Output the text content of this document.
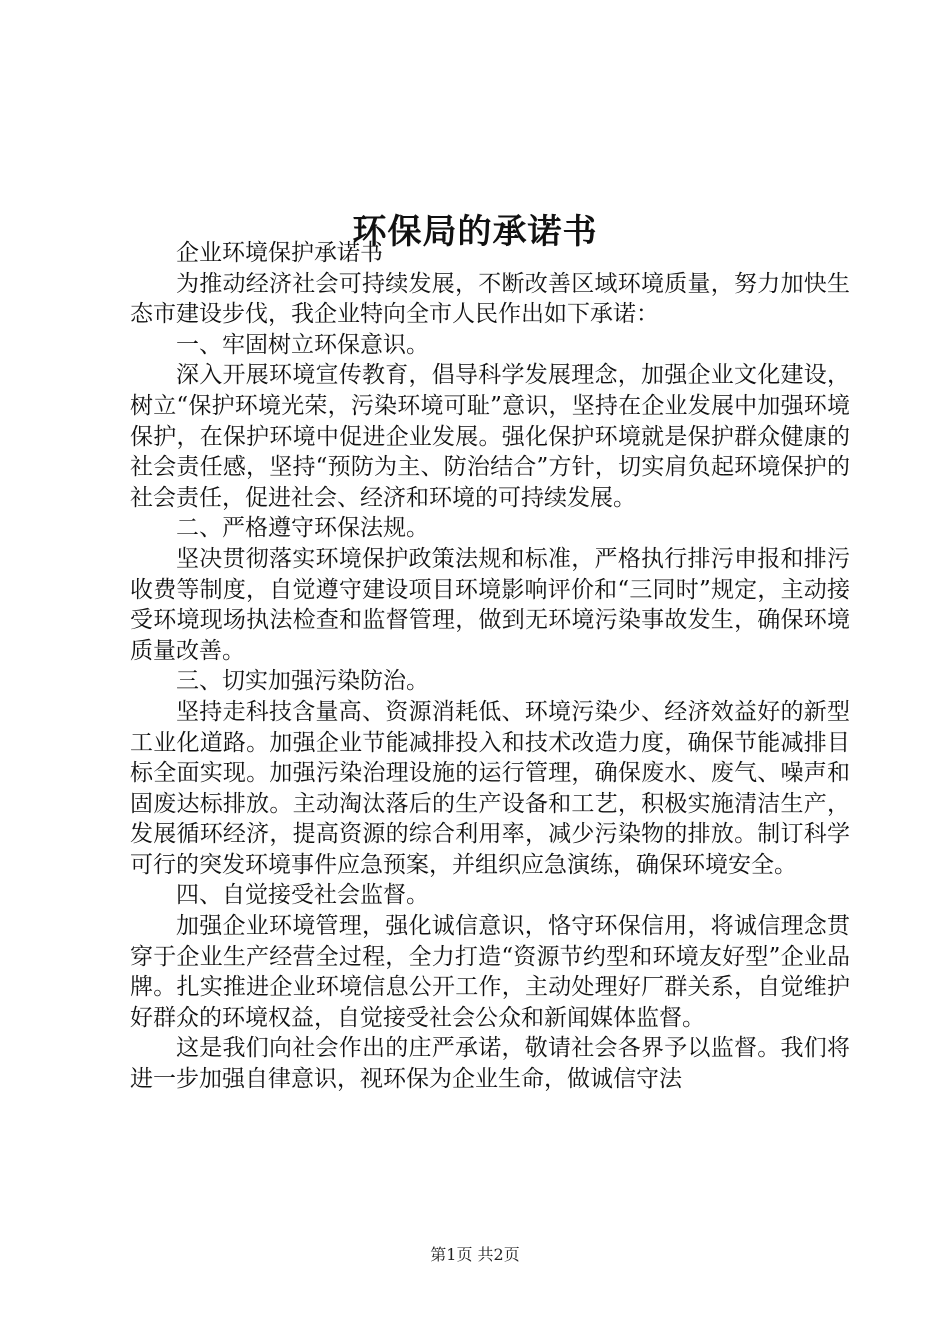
环保局的承诺书

企业环境保护承诺书

为推动经济社会可持续发展，不断改善区域环境质量，努力加快生态市建设步伐，我企业特向全市人民作出如下承诺：

一、牢固树立环保意识。

深入开展环境宣传教育，倡导科学发展理念，加强企业文化建设，树立“保护环境光荣，污染环境可耻”意识，坚持在企业发展中加强环境保护，在保护环境中促进企业发展。强化保护环境就是保护群众健康的社会责任感，坚持“预防为主、防治结合”方针，切实肩负起环境保护的社会责任，促进社会、经济和环境的可持续发展。

二、严格遵守环保法规。

坚决贯彻落实环境保护政策法规和标准，严格执行排污申报和排污收费等制度，自觉遵守建设项目环境影响评价和“三同时”规定，主动接受环境现场执法检查和监督管理，做到无环境污染事故发生，确保环境质量改善。

三、切实加强污染防治。

坚持走科技含量高、资源消耗低、环境污染少、经济效益好的新型工业化道路。加强企业节能减排投入和技术改造力度，确保节能减排目标全面实现。加强污染治理设施的运行管理，确保废水、废气、噪声和固废达标排放。主动淘汰落后的生产设备和工艺，积极实施清洁生产，发展循环经济，提高资源的综合利用率，减少污染物的排放。制订科学可行的突发环境事件应急预案，并组织应急演练，确保环境安全。

四、自觉接受社会监督。

加强企业环境管理，强化诚信意识，恪守环保信用，将诚信理念贯穿于企业生产经营全过程，全力打造“资源节约型和环境友好型”企业品牌。扎实推进企业环境信息公开工作，主动处理好厂群关系，自觉维护好群众的环境权益，自觉接受社会公众和新闻媒体监督。

这是我们向社会作出的庄严承诺，敬请社会各界予以监督。我们将进一步加强自律意识，视环保为企业生命，做诚信守法

第1页 共2页
